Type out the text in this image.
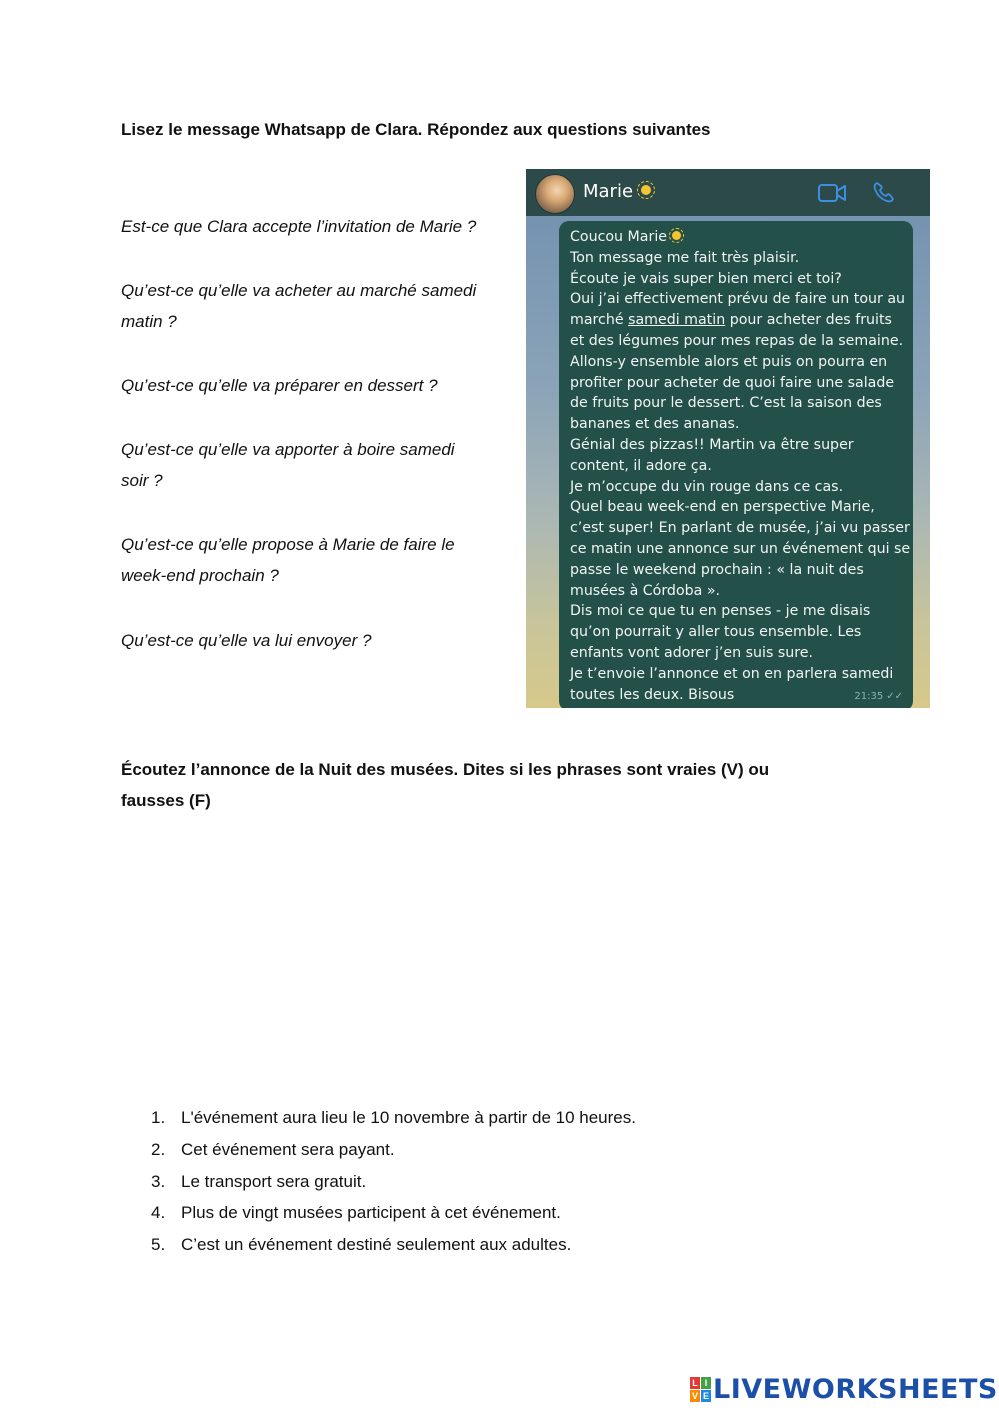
Lisez le message Whatsapp de Clara. Répondez aux questions suivantes
Est-ce que Clara accepte l’invitation de Marie ?
Qu’est-ce qu’elle va acheter au marché samedi
matin ?
Qu’est-ce qu’elle va préparer en dessert ?
Qu’est-ce qu’elle va apporter à boire samedi
soir ?
Qu’est-ce qu’elle propose à Marie de faire le
week-end prochain ?
Qu’est-ce qu’elle va lui envoyer ?
Marie
Coucou Marie
Ton message me fait très plaisir.
Écoute je vais super bien merci et toi?
Oui j’ai effectivement prévu de faire un tour au
marché samedi matin pour acheter des fruits
et des légumes pour mes repas de la semaine.
Allons-y ensemble alors et puis on pourra en
profiter pour acheter de quoi faire une salade
de fruits pour le dessert. C’est la saison des
bananes et des ananas.
Génial des pizzas!! Martin va être super
content, il adore ça.
Je m’occupe du vin rouge dans ce cas.
Quel beau week-end en perspective Marie,
c’est super! En parlant de musée, j’ai vu passer
ce matin une annonce sur un événement qui se
passe le weekend prochain : « la nuit des
musées à Córdoba ».
Dis moi ce que tu en penses - je me disais
qu’on pourrait y aller tous ensemble. Les
enfants vont adorer j’en suis sure.
Je t’envoie l’annonce et on en parlera samedi
toutes les deux. Bisous	21:35 ✓✓
Écoutez l’annonce de la Nuit des musées. Dites si les phrases sont vraies (V) ou
fausses (F)
1. L'événement aura lieu le 10 novembre à partir de 10 heures.
2. Cet événement sera payant.
3. Le transport sera gratuit.
4. Plus de vingt musées participent à cet événement.
5. C’est un événement destiné seulement aux adultes.
L I
V E LIVEWORKSHEETS
